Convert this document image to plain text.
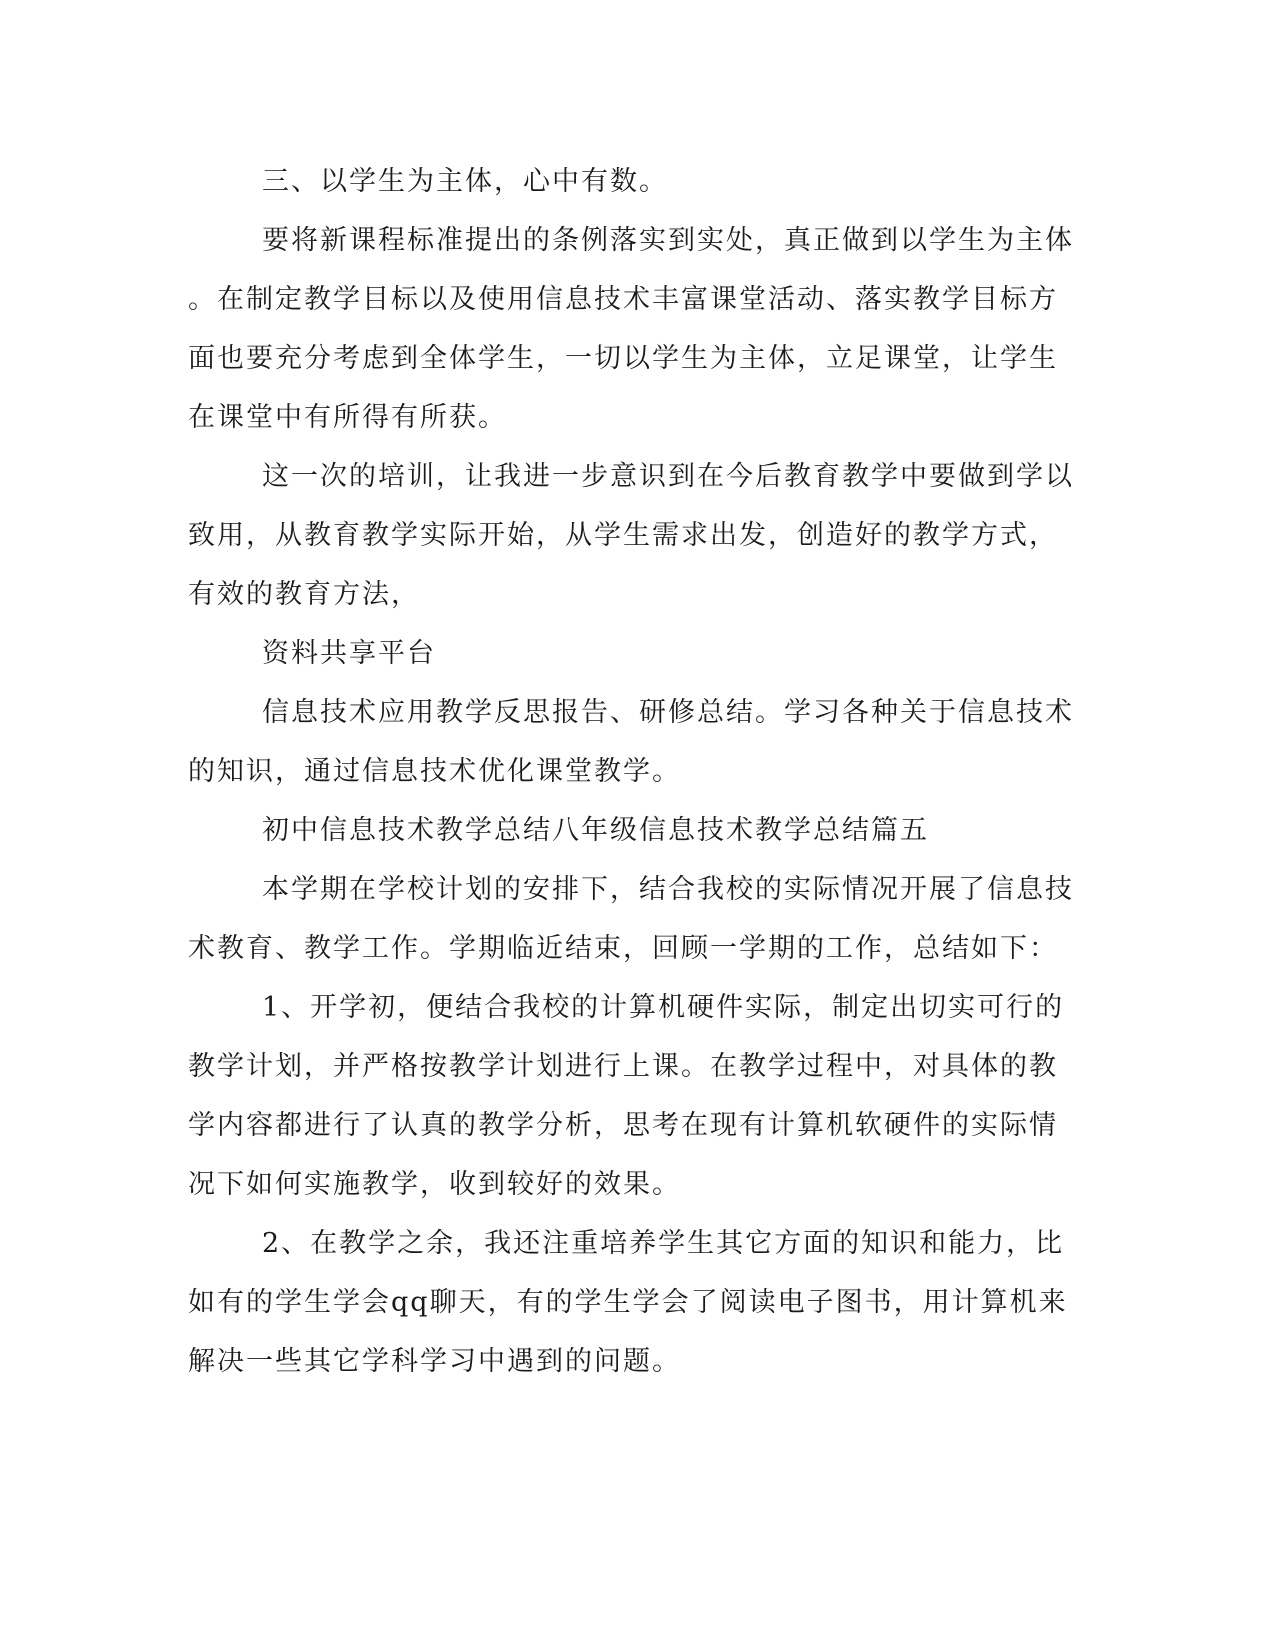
三、以学生为主体，心中有数。

要将新课程标准提出的条例落实到实处，真正做到以学生为主体

。在制定教学目标以及使用信息技术丰富课堂活动、落实教学目标方

面也要充分考虑到全体学生，一切以学生为主体，立足课堂，让学生

在课堂中有所得有所获。

这一次的培训，让我进一步意识到在今后教育教学中要做到学以

致用，从教育教学实际开始，从学生需求出发，创造好的教学方式，

有效的教育方法，

资料共享平台

信息技术应用教学反思报告、研修总结。学习各种关于信息技术

的知识，通过信息技术优化课堂教学。

初中信息技术教学总结八年级信息技术教学总结篇五

本学期在学校计划的安排下，结合我校的实际情况开展了信息技

术教育、教学工作。学期临近结束，回顾一学期的工作，总结如下：

1、开学初，便结合我校的计算机硬件实际，制定出切实可行的

教学计划，并严格按教学计划进行上课。在教学过程中，对具体的教

学内容都进行了认真的教学分析，思考在现有计算机软硬件的实际情

况下如何实施教学，收到较好的效果。

2、在教学之余，我还注重培养学生其它方面的知识和能力，比

如有的学生学会qq聊天，有的学生学会了阅读电子图书，用计算机来

解决一些其它学科学习中遇到的问题。
